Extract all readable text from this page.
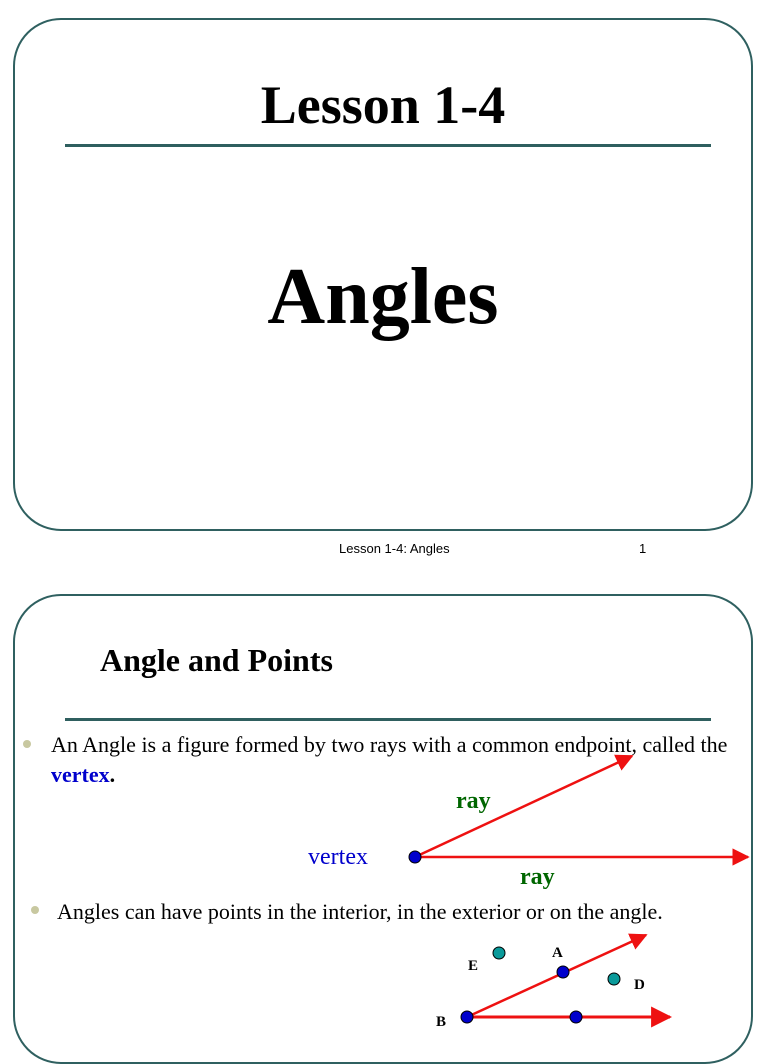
Lesson 1-4
Angles
Lesson 1-4: Angles	1
Angle and Points
An Angle is a figure formed by two rays with a common endpoint, called the vertex.
Angles can have points in the interior, in the exterior or on the angle.
vertex
ray
ray
E
A
D
B
